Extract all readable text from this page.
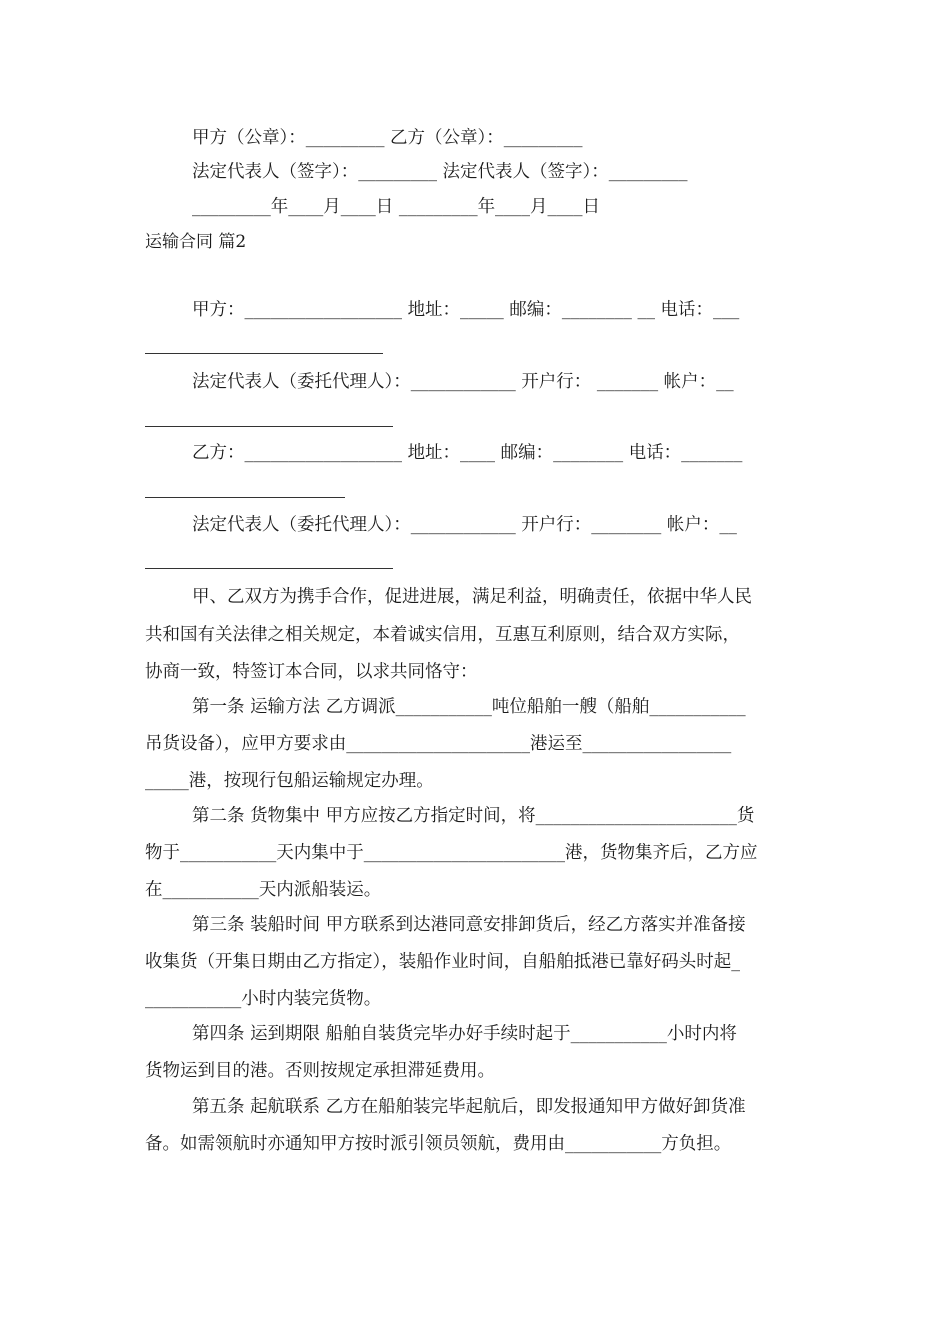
甲方（公章）：_________ 乙方（公章）：_________
法定代表人（签字）：_________ 法定代表人（签字）：_________
_________年____月____日 _________年____月____日
运输合同 篇2
甲方：__________________ 地址：_____ 邮编：________ __ 电话：___
法定代表人（委托代理人）：____________ 开户行： _______ 帐户：__
乙方：__________________ 地址：____ 邮编：________ 电话：_______
法定代表人（委托代理人）：____________ 开户行：________ 帐户：__
甲、乙双方为携手合作，促进进展，满足利益，明确责任，依据中华人民
共和国有关法律之相关规定，本着诚实信用，互惠互利原则，结合双方实际，
协商一致，特签订本合同，以求共同恪守：
第一条 运输方法 乙方调派___________吨位船舶一艘（船舶___________
吊货设备），应甲方要求由_____________________港运至_________________
_____港，按现行包船运输规定办理。
第二条 货物集中 甲方应按乙方指定时间，将_______________________货
物于___________天内集中于_______________________港，货物集齐后，乙方应
在___________天内派船装运。
第三条 装船时间 甲方联系到达港同意安排卸货后，经乙方落实并准备接
收集货（开集日期由乙方指定），装船作业时间，自船舶抵港已靠好码头时起_
___________小时内装完货物。
第四条 运到期限 船舶自装货完毕办好手续时起于___________小时内将
货物运到目的港。否则按规定承担滞延费用。
第五条 起航联系 乙方在船舶装完毕起航后，即发报通知甲方做好卸货准
备。如需领航时亦通知甲方按时派引领员领航，费用由___________方负担。
